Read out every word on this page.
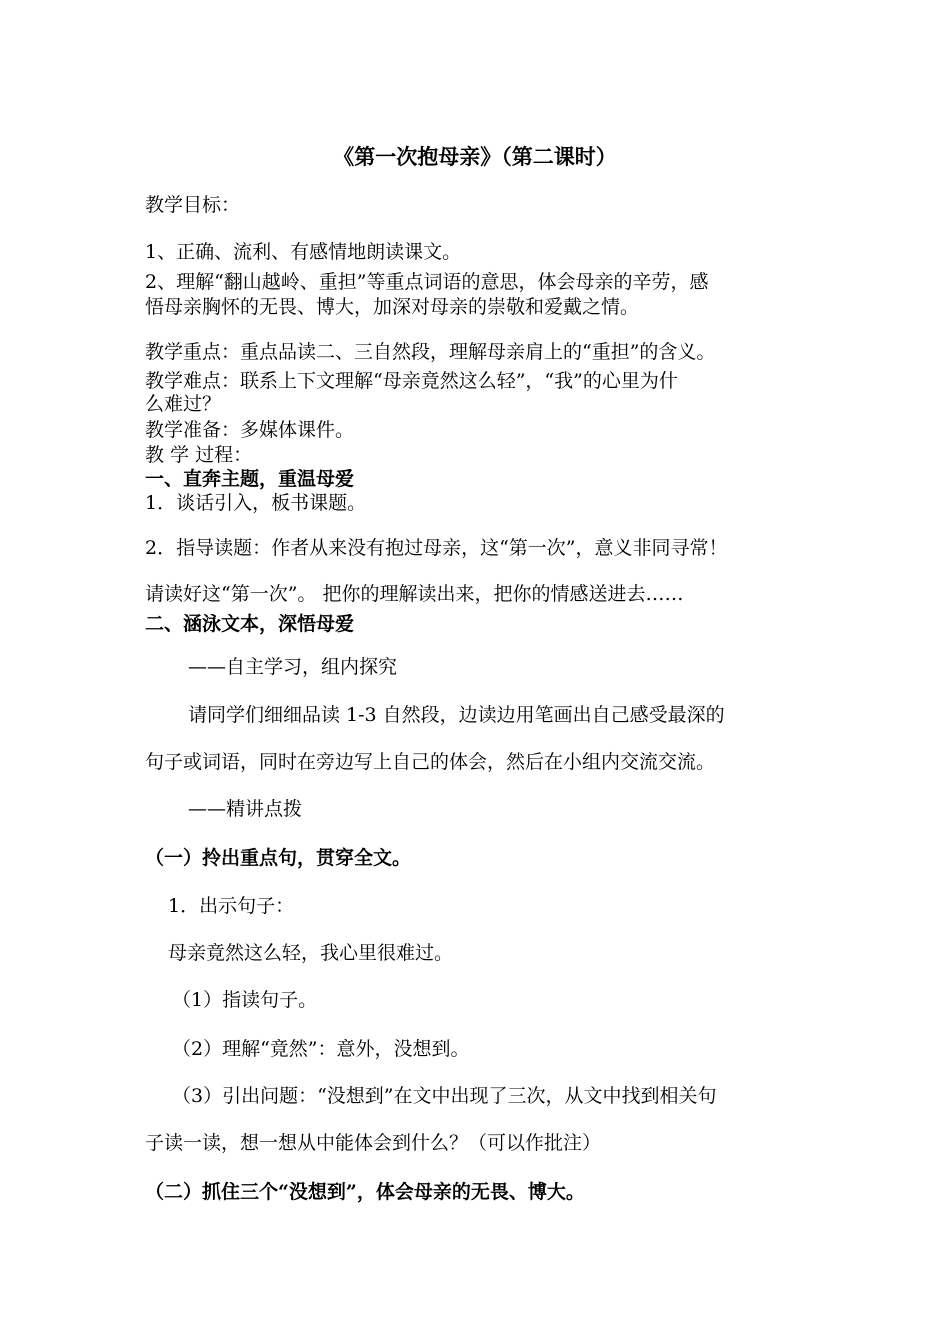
《第一次抱母亲》（第二课时）
教学目标：
1、正确、流利、有感情地朗读课文。
2、理解“翻山越岭、重担”等重点词语的意思，体会母亲的辛劳，感
悟母亲胸怀的无畏、博大，加深对母亲的崇敬和爱戴之情。
教学重点：重点品读二、三自然段，理解母亲肩上的“重担”的含义。
教学难点：联系上下文理解“母亲竟然这么轻”，“我”的心里为什
么难过？
教学准备：多媒体课件。
教 学 过程：
一、直奔主题，重温母爱
1．谈话引入，板书课题。
2．指导读题：作者从来没有抱过母亲，这“第一次”，意义非同寻常！
请读好这“第一次”。 把你的理解读出来，把你的情感送进去……
二、涵泳文本，深悟母爱
——自主学习，组内探究
请同学们细细品读 1-3 自然段，边读边用笔画出自己感受最深的
句子或词语，同时在旁边写上自己的体会，然后在小组内交流交流。
——精讲点拨
（一）拎出重点句，贯穿全文。
1．出示句子：
母亲竟然这么轻，我心里很难过。
（1）指读句子。
（2）理解“竟然”：意外，没想到。
（3）引出问题：“没想到”在文中出现了三次，从文中找到相关句
子读一读，想一想从中能体会到什么？（可以作批注）
（二）抓住三个“没想到”，体会母亲的无畏、博大。
